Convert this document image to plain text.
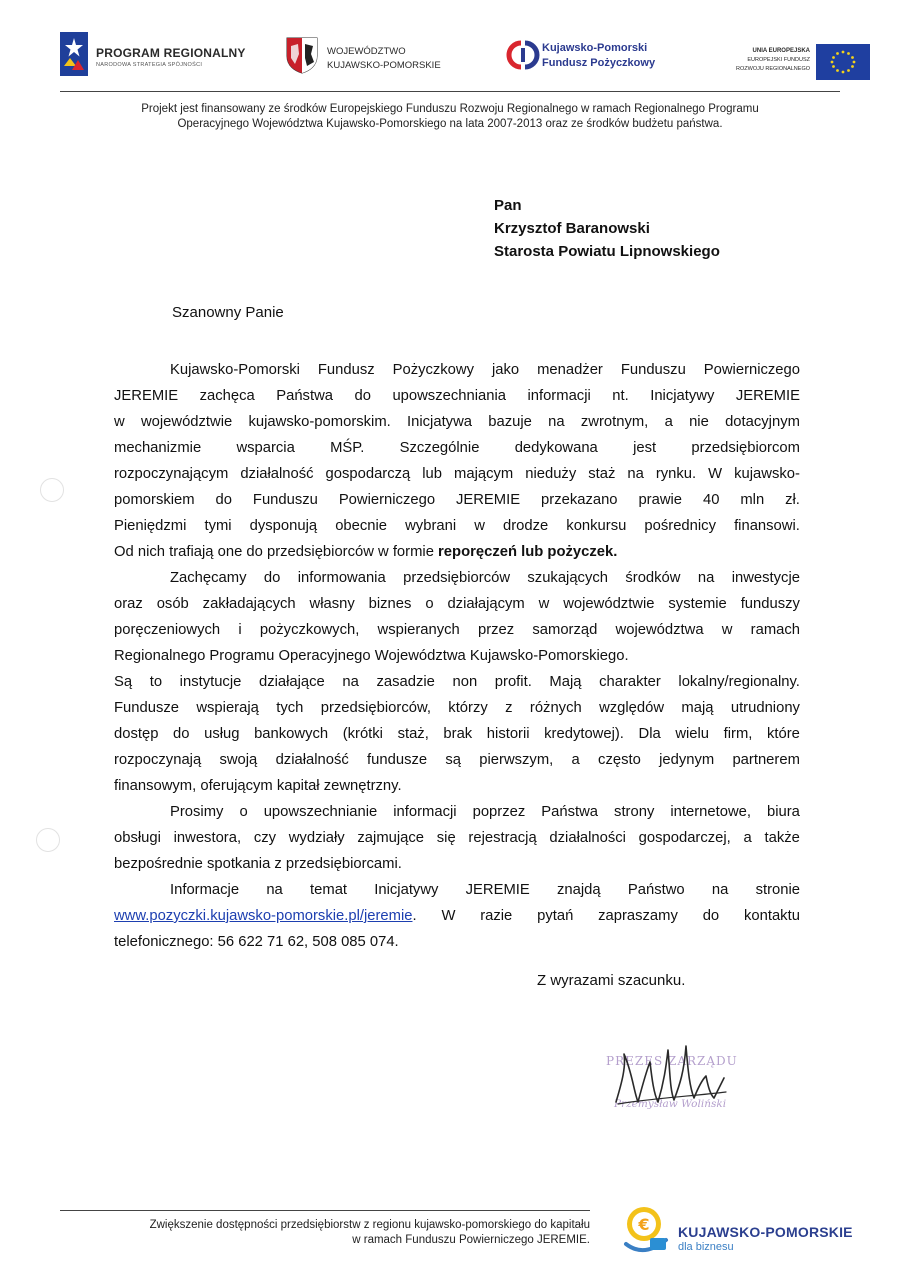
PROGRAM REGIONALNY
NARODOWA STRATEGIA SPÓJNOŚCI
WOJEWÓDZTWO
KUJAWSKO-POMORSKIE
Kujawsko-Pomorski
Fundusz Pożyczkowy
UNIA EUROPEJSKA
EUROPEJSKI FUNDUSZ
ROZWOJU REGIONALNEGO
Projekt jest finansowany ze środków Europejskiego Funduszu Rozwoju Regionalnego w ramach Regionalnego Programu
Operacyjnego Województwa Kujawsko-Pomorskiego na lata 2007-2013 oraz ze środków budżetu państwa.
Pan
Krzysztof Baranowski
Starosta Powiatu Lipnowskiego
Szanowny Panie
Kujawsko-Pomorski Fundusz Pożyczkowy jako menadżer Funduszu Powierniczego
JEREMIE zachęca Państwa do upowszechniania informacji nt. Inicjatywy JEREMIE
w województwie kujawsko-pomorskim. Inicjatywa bazuje na zwrotnym, a nie dotacyjnym
mechanizmie wsparcia MŚP. Szczególnie dedykowana jest przedsiębiorcom
rozpoczynającym działalność gospodarczą lub mającym nieduży staż na rynku. W kujawsko-
pomorskiem do Funduszu Powierniczego JEREMIE przekazano prawie 40 mln zł.
Pieniędzmi tymi dysponują obecnie wybrani w drodze konkursu pośrednicy finansowi.
Od nich trafiają one do przedsiębiorców w formie reporęczeń lub pożyczek.
Zachęcamy do informowania przedsiębiorców szukających środków na inwestycje
oraz osób zakładających własny biznes o działającym w województwie systemie funduszy
poręczeniowych i pożyczkowych, wspieranych przez samorząd województwa w ramach
Regionalnego Programu Operacyjnego Województwa Kujawsko-Pomorskiego.
Są to instytucje działające na zasadzie non profit. Mają charakter lokalny/regionalny.
Fundusze wspierają tych przedsiębiorców, którzy z różnych względów mają utrudniony
dostęp do usług bankowych (krótki staż, brak historii kredytowej). Dla wielu firm, które
rozpoczynają swoją działalność fundusze są pierwszym, a często jedynym partnerem
finansowym, oferującym kapitał zewnętrzny.
Prosimy o upowszechnianie informacji poprzez Państwa strony internetowe, biura
obsługi inwestora, czy wydziały zajmujące się rejestracją działalności gospodarczej, a także
bezpośrednie spotkania z przedsiębiorcami.
Informacje na temat Inicjatywy JEREMIE znajdą Państwo na stronie
www.pozyczki.kujawsko-pomorskie.pl/jeremie . W razie pytań zapraszamy do kontaktu
telefonicznego: 56 622 71 62, 508 085 074.
Z wyrazami szacunku.
PREZES ZARZĄDU
Przemysław Woliński
Zwiększenie dostępności przedsiębiorstw z regionu kujawsko-pomorskiego do kapitału
w ramach Funduszu Powierniczego JEREMIE.
€ KUJAWSKO-POMORSKIE
dla biznesu
